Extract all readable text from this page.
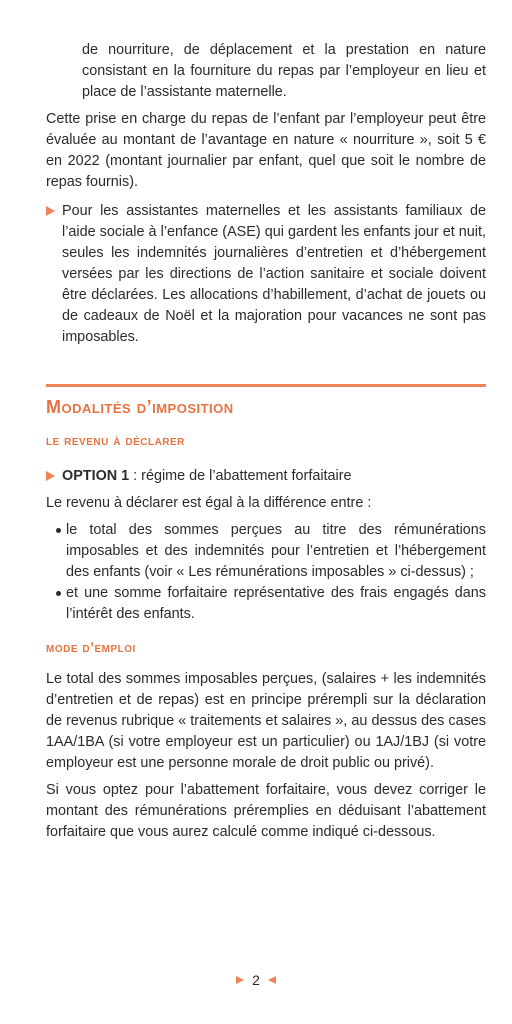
de nourriture, de déplacement et la prestation en nature consistant en la fourniture du repas par l’employeur en lieu et place de l’assistante maternelle.

Cette prise en charge du repas de l’enfant par l’employeur peut être évaluée au montant de l’avantage en nature « nourriture », soit 5 € en 2022 (montant journalier par enfant, quel que soit le nombre de repas fournis).

Pour les assistantes maternelles et les assistants familiaux de l’aide sociale à l’enfance (ASE) qui gardent les enfants jour et nuit, seules les indemnités journalières d’entretien et d’hébergement versées par les directions de l’action sanitaire et sociale doivent être déclarées. Les allocations d’habillement, d’achat de jouets ou de cadeaux de Noël et la majoration pour vacances ne sont pas imposables.

Modalités d’imposition
le revenu à déclarer

OPTION 1 : régime de l’abattement forfaitaire

Le revenu à déclarer est égal à la différence entre :

le total des sommes perçues au titre des rémunérations imposables et des indemnités pour l’entretien et l’hébergement des enfants (voir « Les rémunérations imposables » ci-dessus) ;

et une somme forfaitaire représentative des frais engagés dans l’intérêt des enfants.

mode d’emploi

Le total des sommes imposables perçues, (salaires + les indemnités d’entretien et de repas) est en principe prérempli sur la déclaration de revenus rubrique « traitements et salaires », au dessus des cases 1AA/1BA (si votre employeur est un particulier) ou 1AJ/1BJ (si votre employeur est une personne morale de droit public ou privé).

Si vous optez pour l’abattement forfaitaire, vous devez corriger le montant des rémunérations préremplies en déduisant l’abattement forfaitaire que vous aurez calculé comme indiqué ci-dessous.

2
